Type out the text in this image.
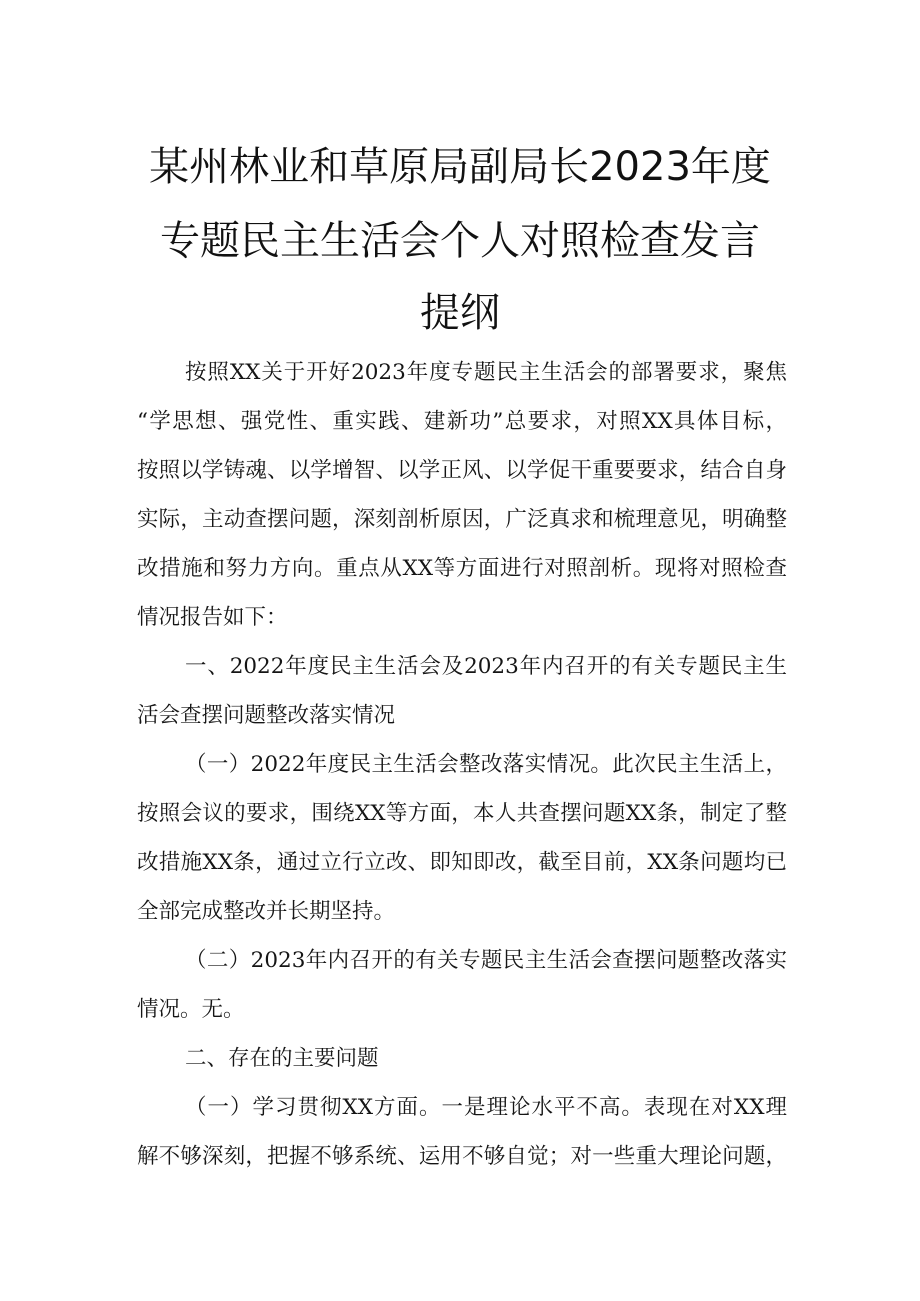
某州林业和草原局副局长2023年度
专题民主生活会个人对照检查发言
提纲
按照XX关于开好2023年度专题民主生活会的部署要求，聚焦
“学思想、强党性、重实践、建新功”总要求，对照XX具体目标，
按照以学铸魂、以学增智、以学正风、以学促干重要要求，结合自身
实际，主动查摆问题，深刻剖析原因，广泛真求和梳理意见，明确整
改措施和努力方向。重点从XX等方面进行对照剖析。现将对照检查
情况报告如下：
一、2022年度民主生活会及2023年内召开的有关专题民主生
活会查摆问题整改落实情况
（一）2022年度民主生活会整改落实情况。此次民主生活上，
按照会议的要求，围绕XX等方面，本人共查摆问题XX条，制定了整
改措施XX条，通过立行立改、即知即改，截至目前，XX条问题均已
全部完成整改并长期坚持。
（二）2023年内召开的有关专题民主生活会查摆问题整改落实
情况。无。
二、存在的主要问题
（一）学习贯彻XX方面。一是理论水平不高。表现在对XX理
解不够深刻，把握不够系统、运用不够自觉；对一些重大理论问题，
